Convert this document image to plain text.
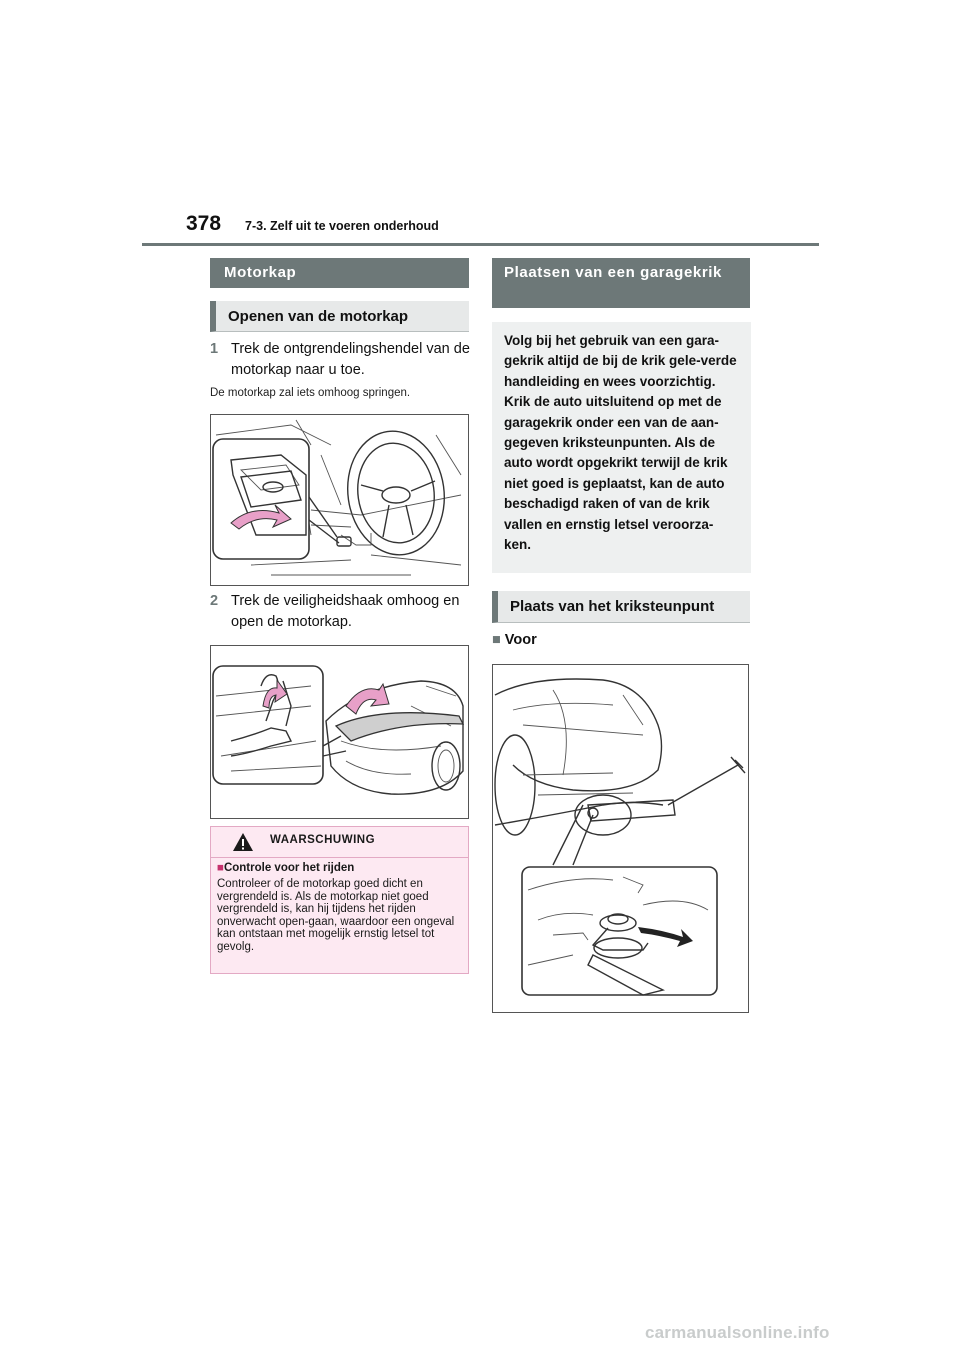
378 7-3. Zelf uit te voeren onderhoud
Motorkap
Openen van de motorkap
1 Trek de ontgrendelingshendel van de motorkap naar u toe.
De motorkap zal iets omhoog springen.
2 Trek de veiligheidshaak omhoog en open de motorkap.
WAARSCHUWING
■Controle voor het rijden
Controleer of de motorkap goed dicht en vergrendeld is. Als de motorkap niet goed vergrendeld is, kan hij tijdens het rijden onverwacht open-gaan, waardoor een ongeval kan ontstaan met mogelijk ernstig letsel tot gevolg.
Plaatsen van een garagekrik
Volg bij het gebruik van een gara-gekrik altijd de bij de krik gele-verde handleiding en wees voorzichtig. Krik de auto uitsluitend op met de garagekrik onder een van de aan-gegeven kriksteunpunten. Als de auto wordt opgekrikt terwijl de krik niet goed is geplaatst, kan de auto beschadigd raken of van de krik vallen en ernstig letsel veroorza-ken.
Plaats van het kriksteunpunt
■ Voor
carmanualsonline.info
